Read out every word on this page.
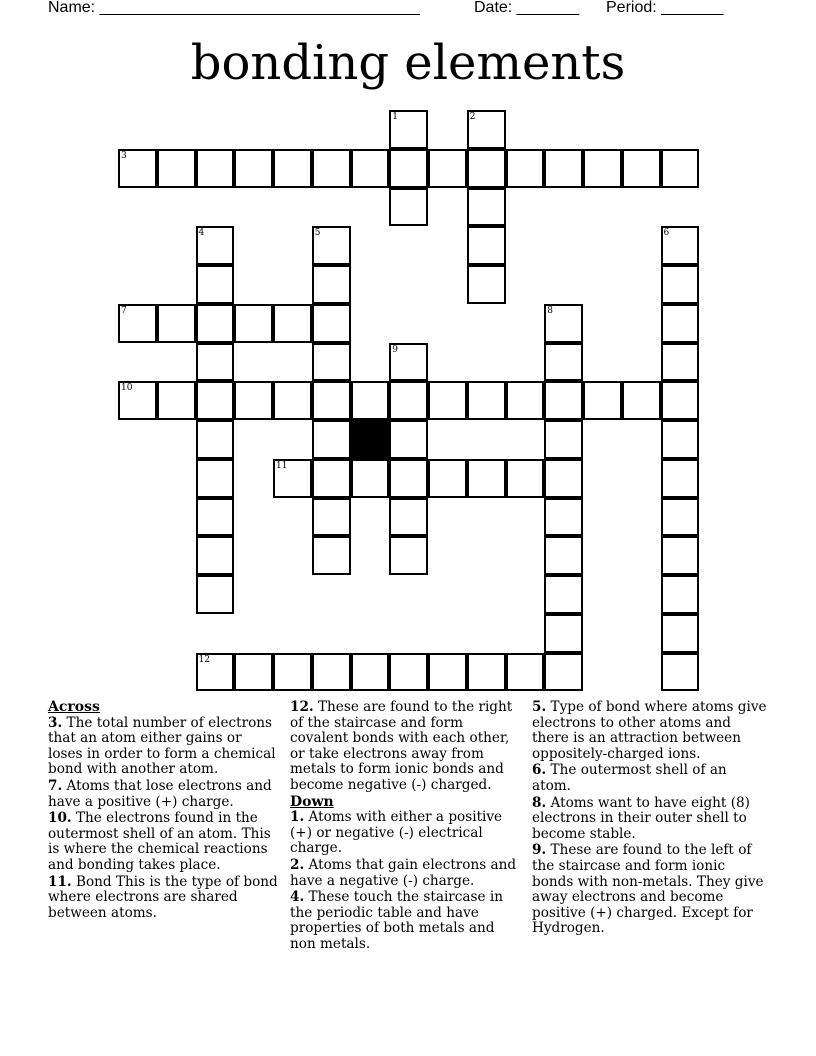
Name: ____________________________________	Date: _______ Period: _______
bonding elements
1	2
3
4	5	6
7	8
9
10
11
12
Across
3. The total number of electrons that an atom either gains or loses in order to form a chemical bond with another atom.
7. Atoms that lose electrons and have a positive (+) charge.
10. The electrons found in the outermost shell of an atom. This is where the chemical reactions and bonding takes place.
11. Bond This is the type of bond where electrons are shared between atoms.
12. These are found to the right of the staircase and form covalent bonds with each other, or take electrons away from metals to form ionic bonds and become negative (-) charged.
Down
1. Atoms with either a positive (+) or negative (-) electrical charge.
2. Atoms that gain electrons and have a negative (-) charge.
4. These touch the staircase in the periodic table and have properties of both metals and non metals.
5. Type of bond where atoms give electrons to other atoms and there is an attraction between oppositely-charged ions.
6. The outermost shell of an atom.
8. Atoms want to have eight (8) electrons in their outer shell to become stable.
9. These are found to the left of the staircase and form ionic bonds with non-metals. They give away electrons and become positive (+) charged. Except for Hydrogen.
